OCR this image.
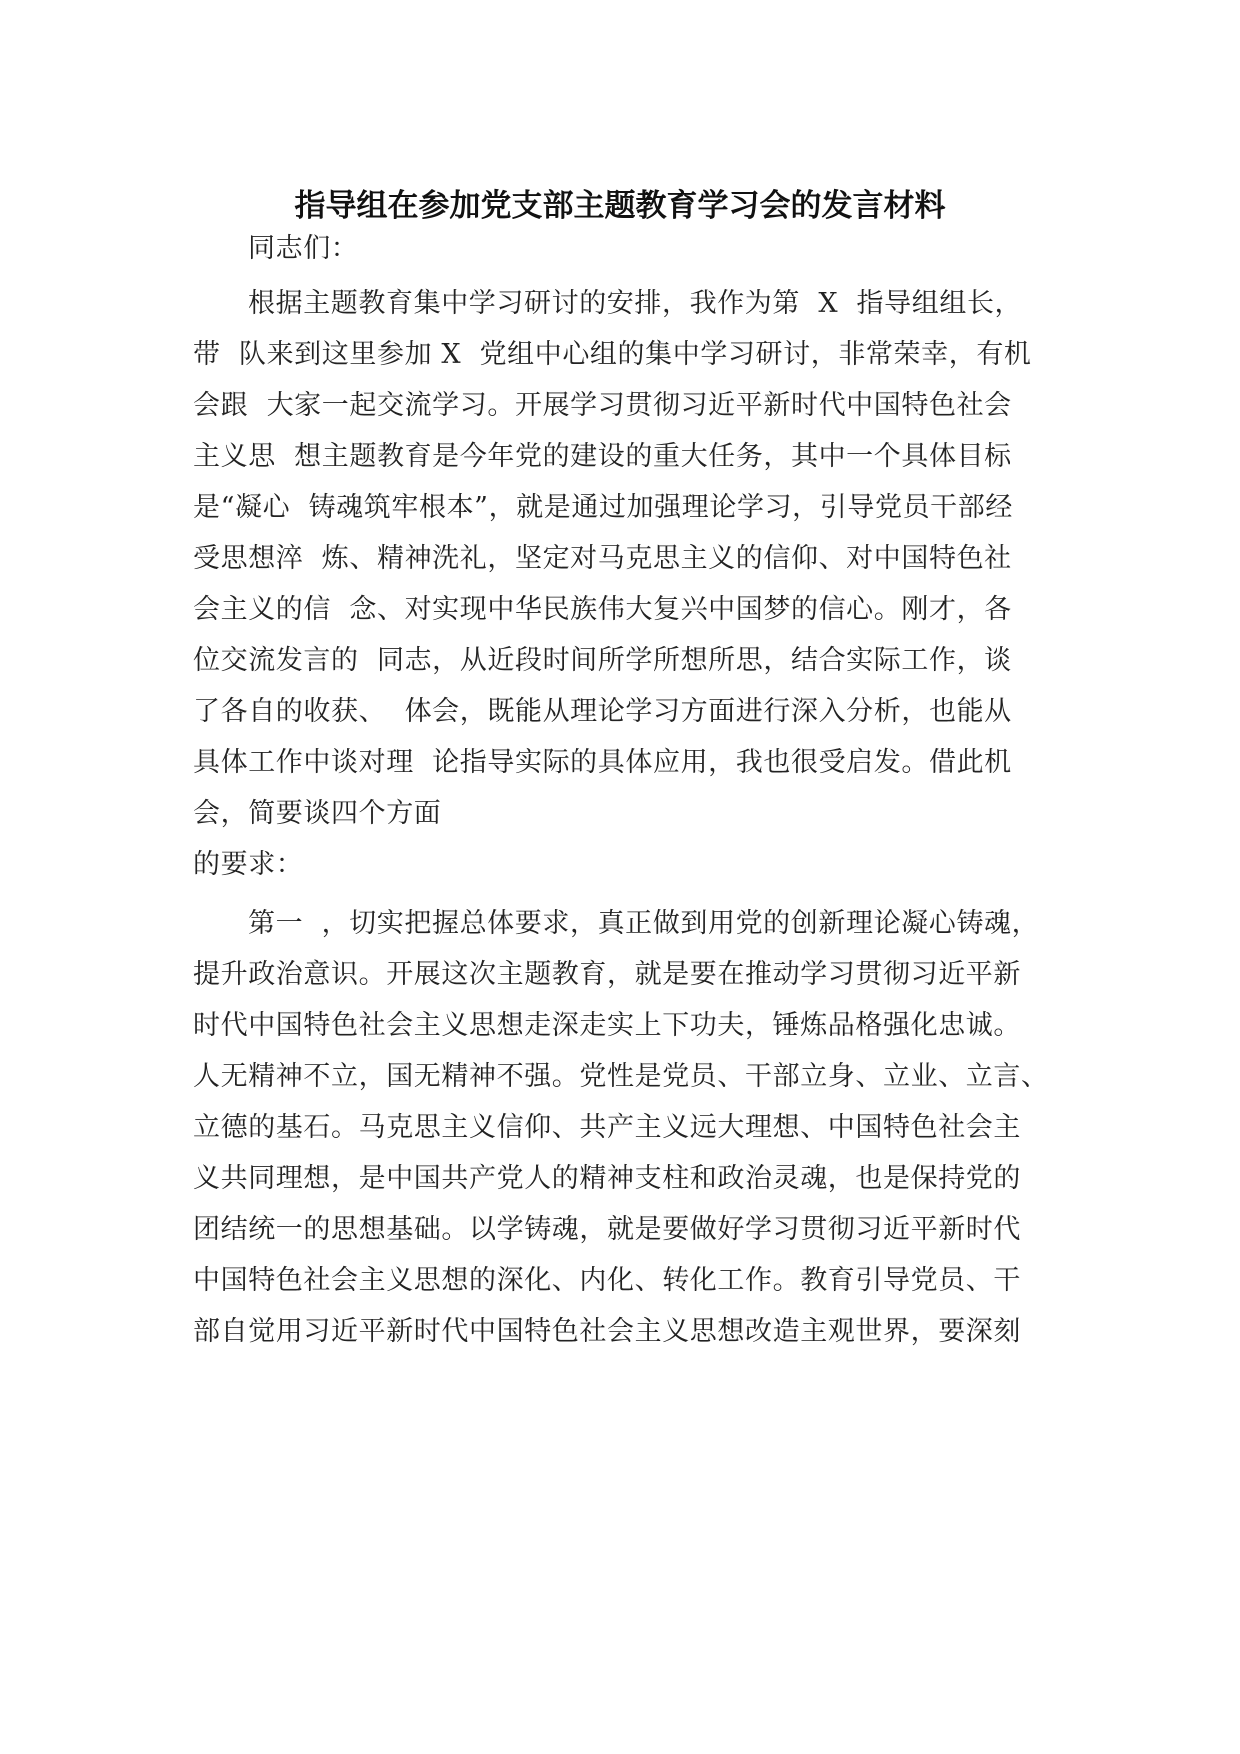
指导组在参加党支部主题教育学习会的发言材料
同志们：
根据主题教育集中学习研讨的安排，我作为第  X  指导组组长，
带  队来到这里参加 X  党组中心组的集中学习研讨，非常荣幸，有机
会跟  大家一起交流学习。开展学习贯彻习近平新时代中国特色社会
主义思  想主题教育是今年党的建设的重大任务，其中一个具体目标
是“凝心  铸魂筑牢根本”，就是通过加强理论学习，引导党员干部经
受思想淬  炼、精神洗礼，坚定对马克思主义的信仰、对中国特色社
会主义的信  念、对实现中华民族伟大复兴中国梦的信心。刚才，各
位交流发言的  同志，从近段时间所学所想所思，结合实际工作，谈
了各自的收获、  体会，既能从理论学习方面进行深入分析，也能从
具体工作中谈对理  论指导实际的具体应用，我也很受启发。借此机
会，简要谈四个方面
的要求：
第一  ，切实把握总体要求，真正做到用党的创新理论凝心铸魂，
提升政治意识。开展这次主题教育，就是要在推动学习贯彻习近平新
时代中国特色社会主义思想走深走实上下功夫，锤炼品格强化忠诚。
人无精神不立，国无精神不强。党性是党员、干部立身、立业、立言、
立德的基石。马克思主义信仰、共产主义远大理想、中国特色社会主
义共同理想，是中国共产党人的精神支柱和政治灵魂，也是保持党的
团结统一的思想基础。以学铸魂，就是要做好学习贯彻习近平新时代
中国特色社会主义思想的深化、内化、转化工作。教育引导党员、干
部自觉用习近平新时代中国特色社会主义思想改造主观世界，要深刻
